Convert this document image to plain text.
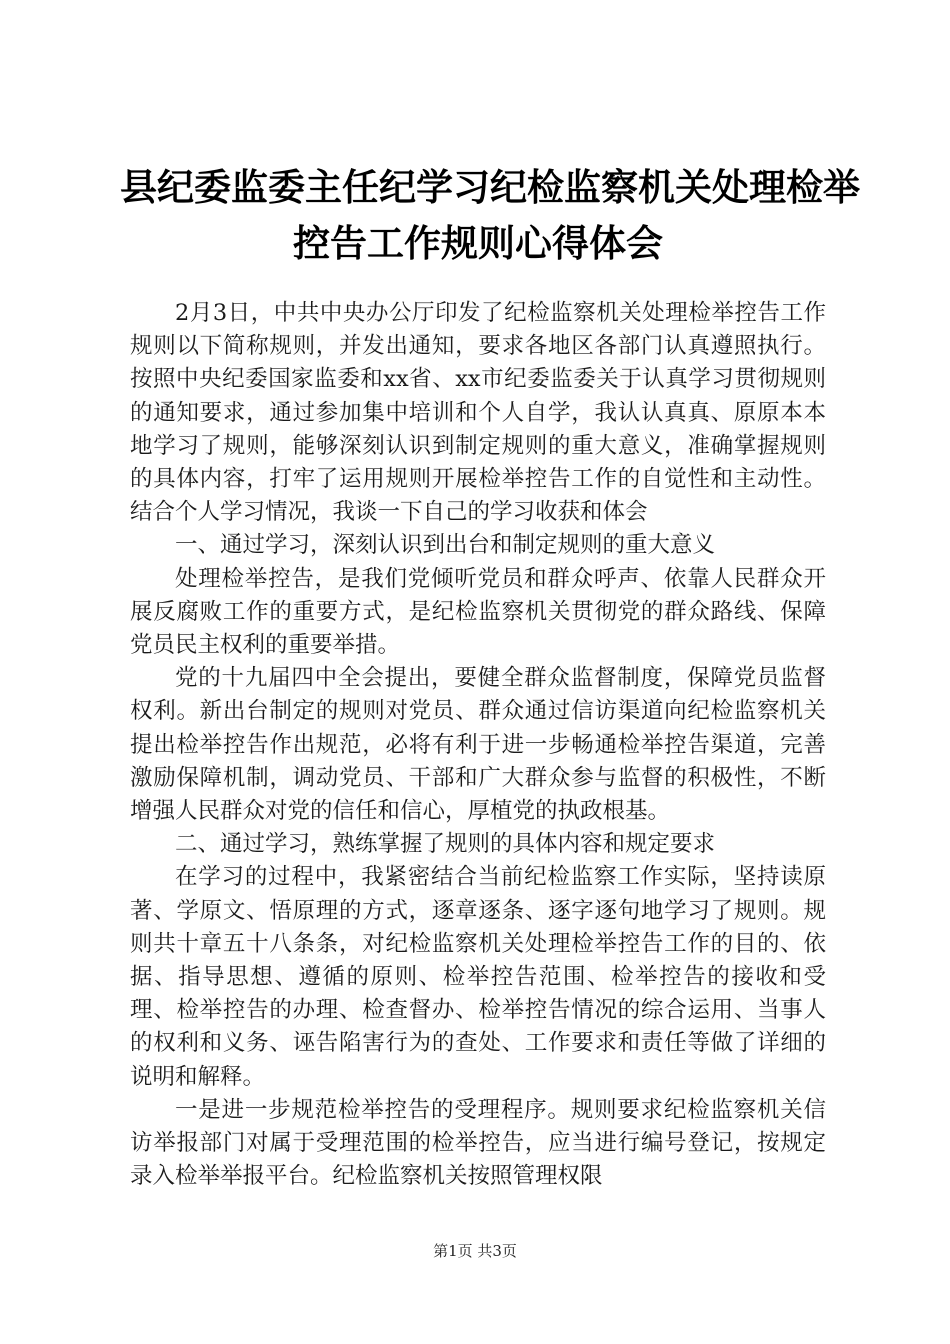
县纪委监委主任纪学习纪检监察机关处理检举
控告工作规则心得体会

2月3日，中共中央办公厅印发了纪检监察机关处理检举控告工作规则以下简称规则，并发出通知，要求各地区各部门认真遵照执行。按照中央纪委国家监委和xx省、xx市纪委监委关于认真学习贯彻规则的通知要求，通过参加集中培训和个人自学，我认认真真、原原本本地学习了规则，能够深刻认识到制定规则的重大意义，准确掌握规则的具体内容，打牢了运用规则开展检举控告工作的自觉性和主动性。结合个人学习情况，我谈一下自己的学习收获和体会

一、通过学习，深刻认识到出台和制定规则的重大意义

处理检举控告，是我们党倾听党员和群众呼声、依靠人民群众开展反腐败工作的重要方式，是纪检监察机关贯彻党的群众路线、保障党员民主权利的重要举措。

党的十九届四中全会提出，要健全群众监督制度，保障党员监督权利。新出台制定的规则对党员、群众通过信访渠道向纪检监察机关提出检举控告作出规范，必将有利于进一步畅通检举控告渠道，完善激励保障机制，调动党员、干部和广大群众参与监督的积极性，不断增强人民群众对党的信任和信心，厚植党的执政根基。

二、通过学习，熟练掌握了规则的具体内容和规定要求

在学习的过程中，我紧密结合当前纪检监察工作实际，坚持读原著、学原文、悟原理的方式，逐章逐条、逐字逐句地学习了规则。规则共十章五十八条条，对纪检监察机关处理检举控告工作的目的、依据、指导思想、遵循的原则、检举控告范围、检举控告的接收和受理、检举控告的办理、检查督办、检举控告情况的综合运用、当事人的权利和义务、诬告陷害行为的查处、工作要求和责任等做了详细的说明和解释。

一是进一步规范检举控告的受理程序。规则要求纪检监察机关信访举报部门对属于受理范围的检举控告，应当进行编号登记，按规定录入检举举报平台。纪检监察机关按照管理权限

第1页 共3页
